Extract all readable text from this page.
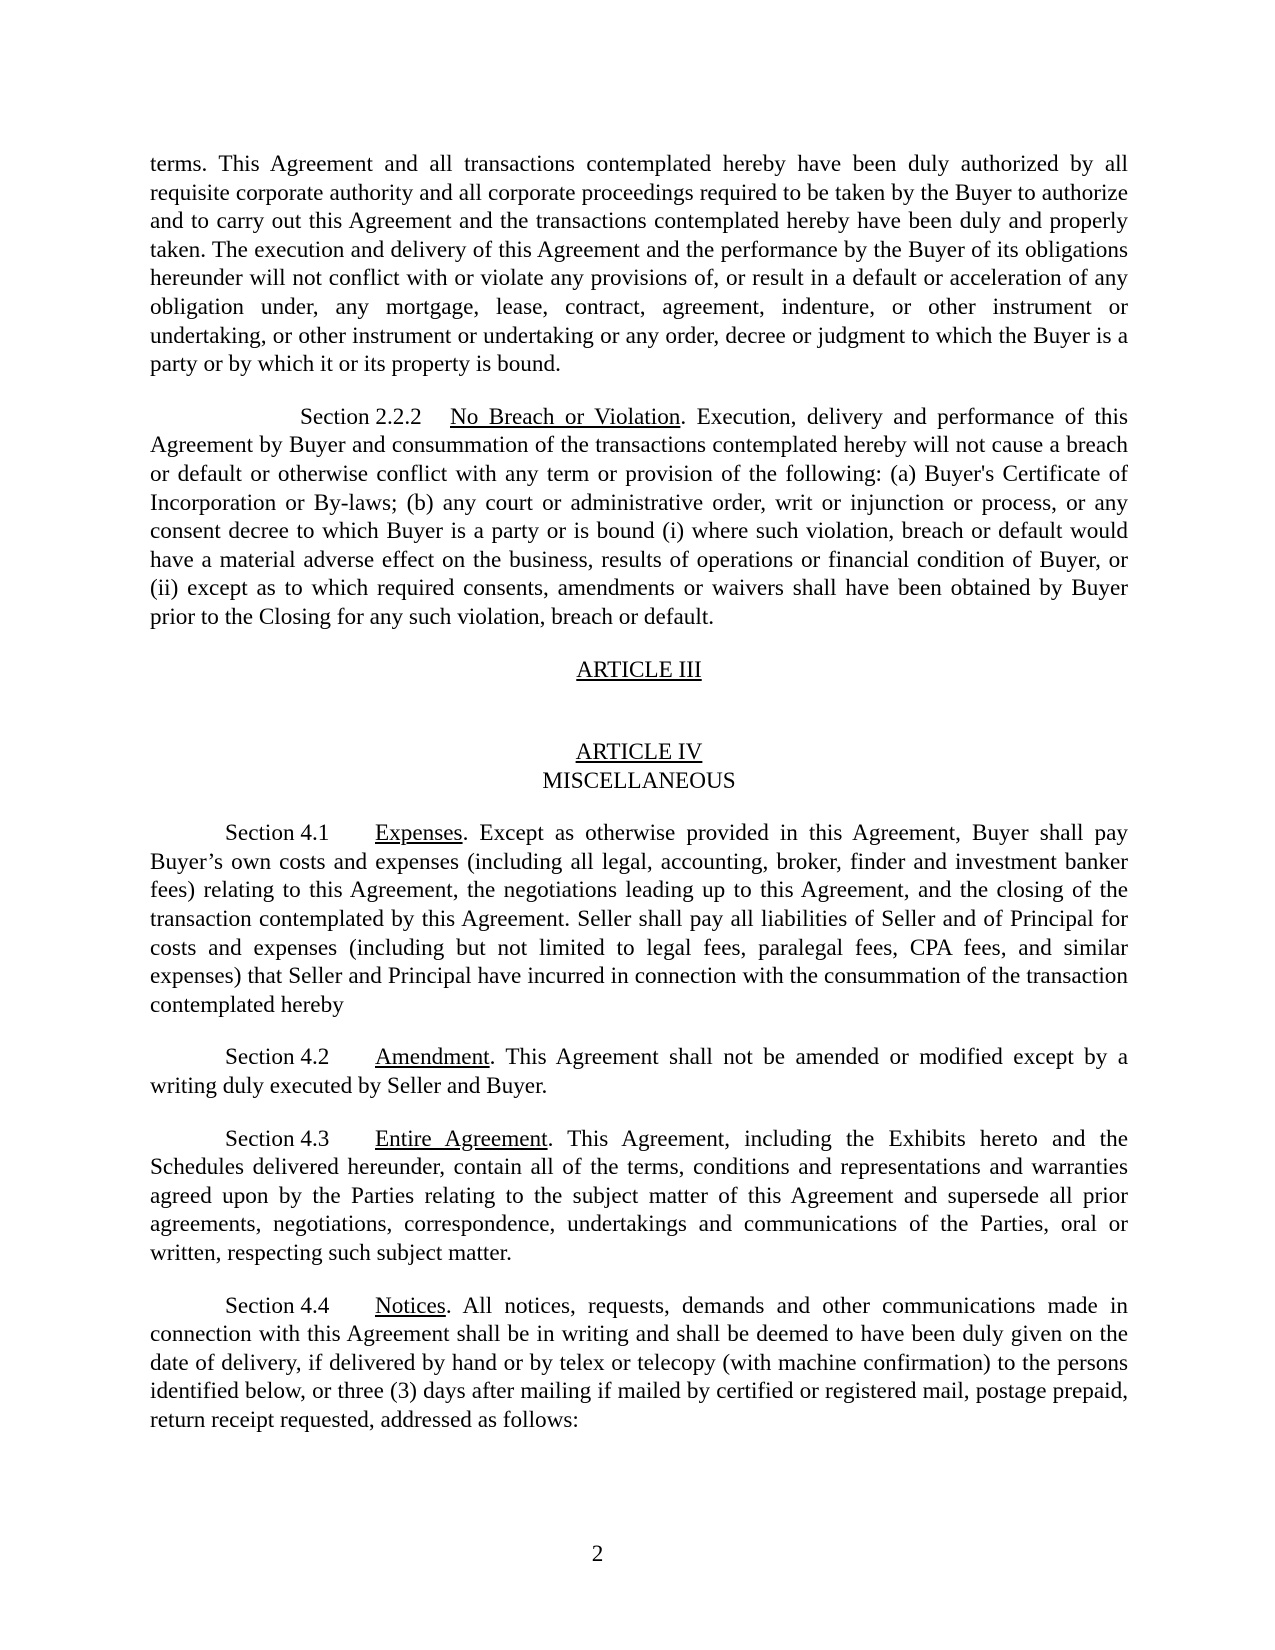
terms. This Agreement and all transactions contemplated hereby have been duly authorized by all requisite corporate authority and all corporate proceedings required to be taken by the Buyer to authorize and to carry out this Agreement and the transactions contemplated hereby have been duly and properly taken. The execution and delivery of this Agreement and the performance by the Buyer of its obligations hereunder will not conflict with or violate any provisions of, or result in a default or acceleration of any obligation under, any mortgage, lease, contract, agreement, indenture, or other instrument or undertaking, or other instrument or undertaking or any order, decree or judgment to which the Buyer is a party or by which it or its property is bound.

Section 2.2.2 No Breach or Violation. Execution, delivery and performance of this Agreement by Buyer and consummation of the transactions contemplated hereby will not cause a breach or default or otherwise conflict with any term or provision of the following: (a) Buyer's Certificate of Incorporation or By-laws; (b) any court or administrative order, writ or injunction or process, or any consent decree to which Buyer is a party or is bound (i) where such violation, breach or default would have a material adverse effect on the business, results of operations or financial condition of Buyer, or (ii) except as to which required consents, amendments or waivers shall have been obtained by Buyer prior to the Closing for any such violation, breach or default.

ARTICLE III

ARTICLE IV

MISCELLANEOUS

Section 4.1 Expenses. Except as otherwise provided in this Agreement, Buyer shall pay Buyer’s own costs and expenses (including all legal, accounting, broker, finder and investment banker fees) relating to this Agreement, the negotiations leading up to this Agreement, and the closing of the transaction contemplated by this Agreement. Seller shall pay all liabilities of Seller and of Principal for costs and expenses (including but not limited to legal fees, paralegal fees, CPA fees, and similar expenses) that Seller and Principal have incurred in connection with the consummation of the transaction contemplated hereby

Section 4.2 Amendment. This Agreement shall not be amended or modified except by a writing duly executed by Seller and Buyer.

Section 4.3 Entire Agreement. This Agreement, including the Exhibits hereto and the Schedules delivered hereunder, contain all of the terms, conditions and representations and warranties agreed upon by the Parties relating to the subject matter of this Agreement and supersede all prior agreements, negotiations, correspondence, undertakings and communications of the Parties, oral or written, respecting such subject matter.

Section 4.4 Notices. All notices, requests, demands and other communications made in connection with this Agreement shall be in writing and shall be deemed to have been duly given on the date of delivery, if delivered by hand or by telex or telecopy (with machine confirmation) to the persons identified below, or three (3) days after mailing if mailed by certified or registered mail, postage prepaid, return receipt requested, addressed as follows:

2
